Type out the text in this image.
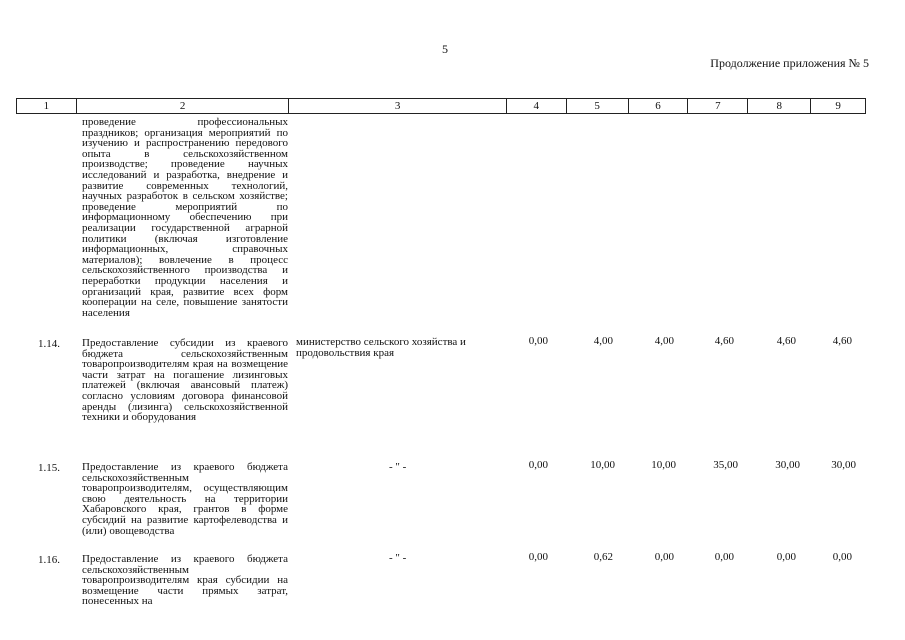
5
Продолжение приложения № 5
1	2	3	4	5	6	7	8	9
проведение профессиональных праздников; организация мероприятий по изучению и распространению передового опыта в сельскохозяйственном производстве; проведение научных исследований и разработка, внедрение и развитие современных технологий, научных разработок в сельском хозяйстве; проведение мероприятий по информационному обеспечению при реализации государственной аграрной политики (включая изготовление информационных, справочных материалов); вовлечение в процесс сельскохозяйственного производства и переработки продукции населения и организаций края, развитие всех форм кооперации на селе, повышение занятости населения
1.14. Предоставление субсидии из краевого бюджета сельскохозяйственным товаропроизводителям края на возмещение части затрат на погашение лизинговых платежей (включая авансовый платеж) согласно условиям договора финансовой аренды (лизинга) сельскохозяйственной техники и оборудования
министерство сельского хозяйства и продовольствия края
0,00	4,00	4,00	4,60	4,60	4,60
1.15. Предоставление из краевого бюджета сельскохозяйственным товаропроизводителям, осуществляющим свою деятельность на территории Хабаровского края, грантов в форме субсидий на развитие картофелеводства и (или) овощеводства
- " -	0,00	10,00	10,00	35,00	30,00	30,00
1.16. Предоставление из краевого бюджета сельскохозяйственным товаропроизводителям края субсидии на возмещение части прямых затрат, понесенных на
- " -	0,00	0,62	0,00	0,00	0,00	0,00
